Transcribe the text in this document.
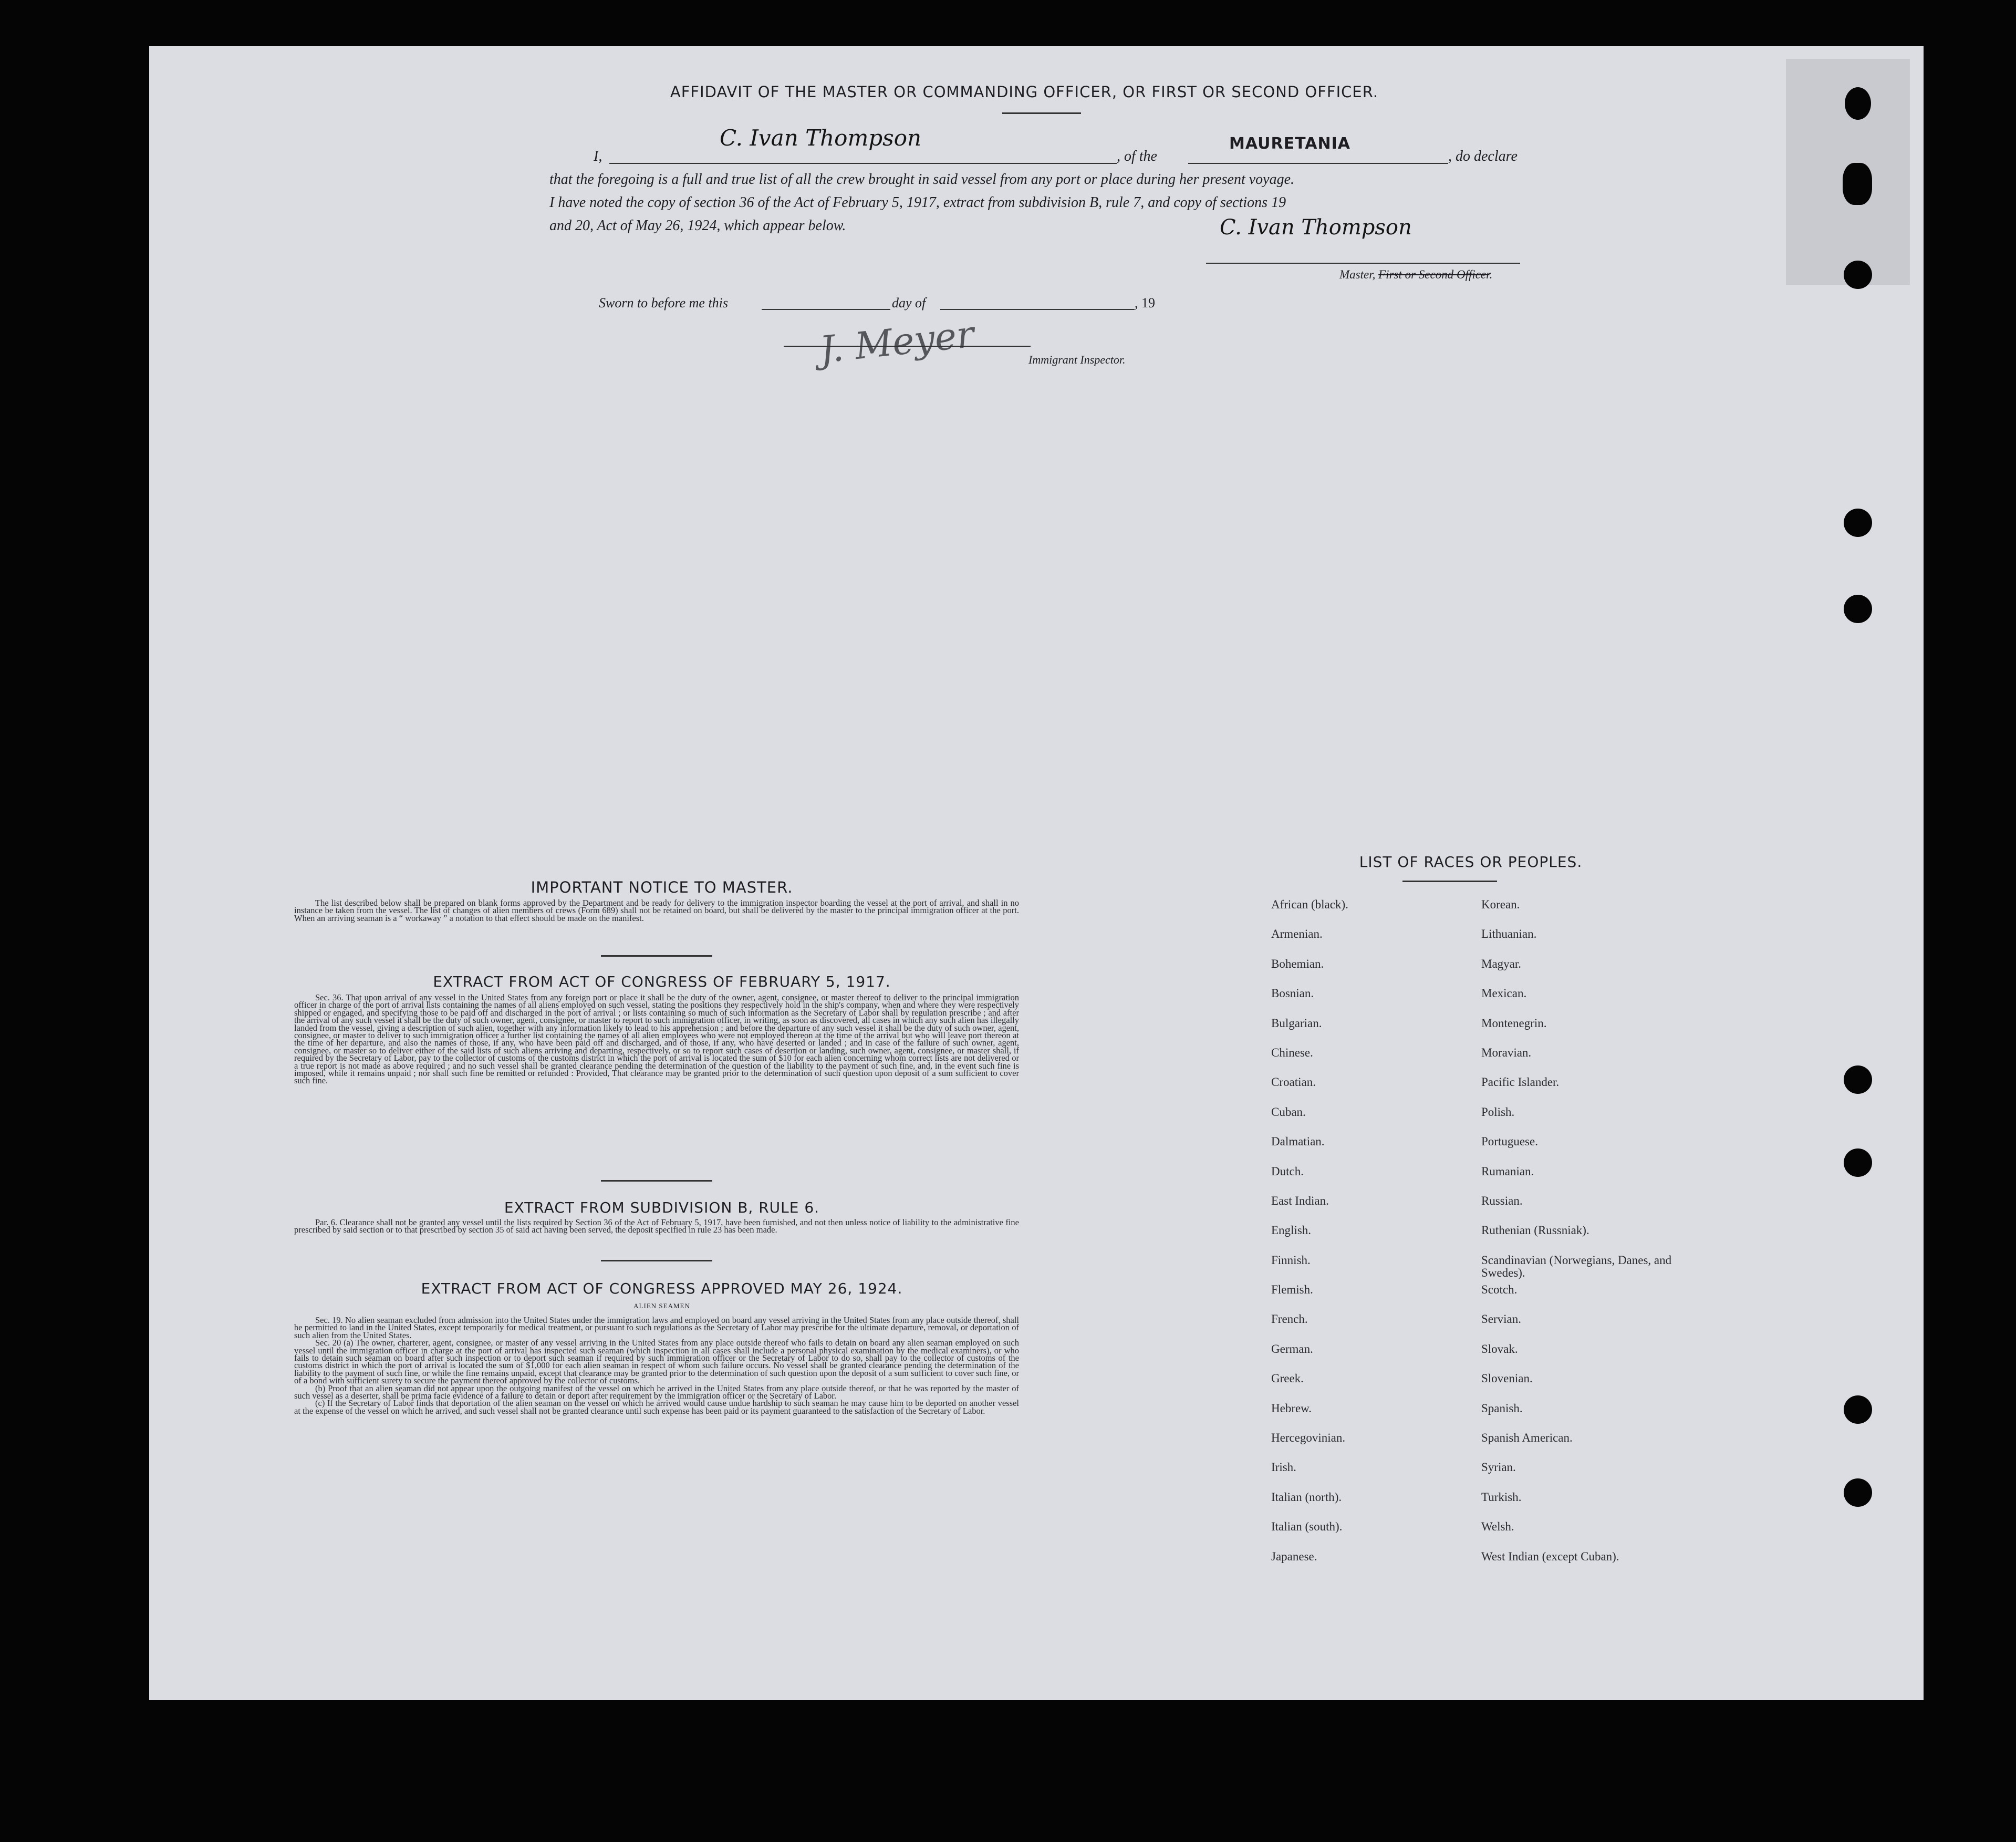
AFFIDAVIT OF THE MASTER OR COMMANDING OFFICER, OR FIRST OR SECOND OFFICER.
I,
C. Ivan Thompson
, of the
MAURETANIA
, do declare
that the foregoing is a full and true list of all the crew brought in said vessel from any port or place during her present voyage.
I have noted the copy of section 36 of the Act of February 5, 1917, extract from subdivision B, rule 7, and copy of sections 19
and 20, Act of May 26, 1924, which appear below.	C. Ivan Thompson
Master, First or Second Officer.
Sworn to before me this	day of	, 19
J. Meyer	Immigrant Inspector.
IMPORTANT NOTICE TO MASTER.

The list described below shall be prepared on blank forms approved by the Department and be ready for delivery to the immigration inspector boarding the vessel at the port of arrival, and shall in no instance be taken from the vessel. The list of changes of alien members of crews (Form 689) shall not be retained on board, but shall be delivered by the master to the principal immigration officer at the port. When an arriving seaman is a “ workaway ” a notation to that effect should be made on the manifest.

EXTRACT FROM ACT OF CONGRESS OF FEBRUARY 5, 1917.

Sec. 36. That upon arrival of any vessel in the United States from any foreign port or place it shall be the duty of the owner, agent, consignee, or master thereof to deliver to the principal immigration officer in charge of the port of arrival lists containing the names of all aliens employed on such vessel, stating the positions they respectively hold in the ship's company, when and where they were respectively shipped or engaged, and specifying those to be paid off and discharged in the port of arrival ; or lists containing so much of such information as the Secretary of Labor shall by regulation prescribe ; and after the arrival of any such vessel it shall be the duty of such owner, agent, consignee, or master to report to such immigration officer, in writing, as soon as discovered, all cases in which any such alien has illegally landed from the vessel, giving a description of such alien, together with any information likely to lead to his apprehension ; and before the departure of any such vessel it shall be the duty of such owner, agent, consignee, or master to deliver to such immigration officer a further list containing the names of all alien employees who were not employed thereon at the time of the arrival but who will leave port thereon at the time of her departure, and also the names of those, if any, who have been paid off and discharged, and of those, if any, who have deserted or landed ; and in case of the failure of such owner, agent, consignee, or master so to deliver either of the said lists of such aliens arriving and departing, respectively, or so to report such cases of desertion or landing, such owner, agent, consignee, or master shall, if required by the Secretary of Labor, pay to the collector of customs of the customs district in which the port of arrival is located the sum of $10 for each alien concerning whom correct lists are not delivered or a true report is not made as above required ; and no such vessel shall be granted clearance pending the determination of the question of the liability to the payment of such fine, and, in the event such fine is imposed, while it remains unpaid ; nor shall such fine be remitted or refunded : Provided, That clearance may be granted prior to the determination of such question upon deposit of a sum sufficient to cover such fine.

EXTRACT FROM SUBDIVISION B, RULE 6.

Par. 6. Clearance shall not be granted any vessel until the lists required by Section 36 of the Act of February 5, 1917, have been furnished, and not then unless notice of liability to the administrative fine prescribed by said section or to that prescribed by section 35 of said act having been served, the deposit specified in rule 23 has been made.

EXTRACT FROM ACT OF CONGRESS APPROVED MAY 26, 1924.
ALIEN SEAMEN

Sec. 19. No alien seaman excluded from admission into the United States under the immigration laws and employed on board any vessel arriving in the United States from any place outside thereof, shall be permitted to land in the United States, except temporarily for medical treatment, or pursuant to such regulations as the Secretary of Labor may prescribe for the ultimate departure, removal, or deportation of such alien from the United States.

Sec. 20 (a) The owner, charterer, agent, consignee, or master of any vessel arriving in the United States from any place outside thereof who fails to detain on board any alien seaman employed on such vessel until the immigration officer in charge at the port of arrival has inspected such seaman (which inspection in all cases shall include a personal physical examination by the medical examiners), or who fails to detain such seaman on board after such inspection or to deport such seaman if required by such immigration officer or the Secretary of Labor to do so, shall pay to the collector of customs of the customs district in which the port of arrival is located the sum of $1,000 for each alien seaman in respect of whom such failure occurs. No vessel shall be granted clearance pending the determination of the liability to the payment of such fine, or while the fine remains unpaid, except that clearance may be granted prior to the determination of such question upon the deposit of a sum sufficient to cover such fine, or of a bond with sufficient surety to secure the payment thereof approved by the collector of customs.

(b) Proof that an alien seaman did not appear upon the outgoing manifest of the vessel on which he arrived in the United States from any place outside thereof, or that he was reported by the master of such vessel as a deserter, shall be prima facie evidence of a failure to detain or deport after requirement by the immigration officer or the Secretary of Labor.

(c) If the Secretary of Labor finds that deportation of the alien seaman on the vessel on which he arrived would cause undue hardship to such seaman he may cause him to be deported on another vessel at the expense of the vessel on which he arrived, and such vessel shall not be granted clearance until such expense has been paid or its payment guaranteed to the satisfaction of the Secretary of Labor.

LIST OF RACES OR PEOPLES.
African (black).
Armenian.
Bohemian.
Bosnian.
Bulgarian.
Chinese.
Croatian.
Cuban.
Dalmatian.
Dutch.
East Indian.
English.
Finnish.
Flemish.
French.
German.
Greek.
Hebrew.
Hercegovinian.
Irish.
Italian (north).
Italian (south).
Japanese.
Korean.
Lithuanian.
Magyar.
Mexican.
Montenegrin.
Moravian.
Pacific Islander.
Polish.
Portuguese.
Rumanian.
Russian.
Ruthenian (Russniak).
Scandinavian (Norwegians, Danes, and Swedes).
Scotch.
Servian.
Slovak.
Slovenian.
Spanish.
Spanish American.
Syrian.
Turkish.
Welsh.
West Indian (except Cuban).
